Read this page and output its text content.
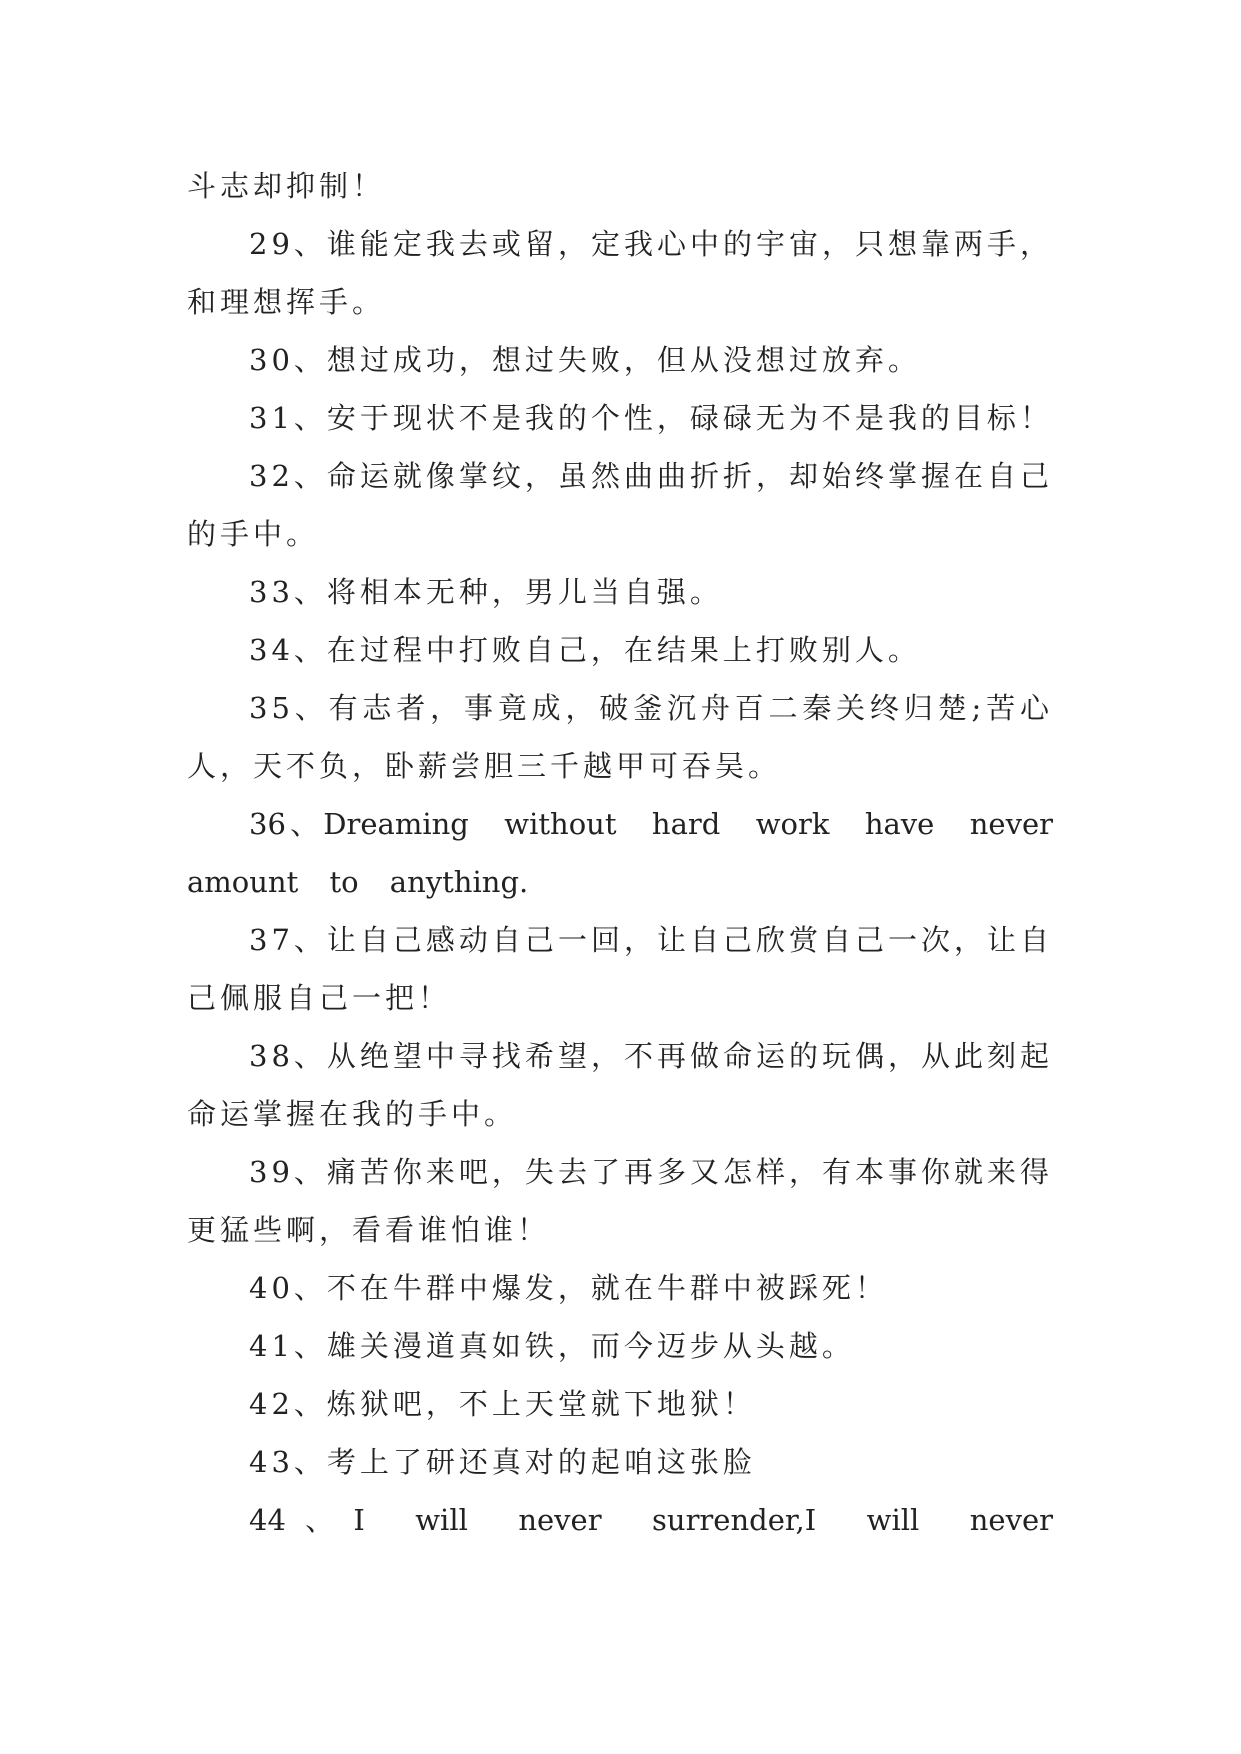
斗志却抑制！

29、谁能定我去或留，定我心中的宇宙，只想靠两手，和理想挥手。

30、想过成功，想过失败，但从没想过放弃。

31、安于现状不是我的个性，碌碌无为不是我的目标！

32、命运就像掌纹，虽然曲曲折折，却始终掌握在自己的手中。

33、将相本无种，男儿当自强。

34、在过程中打败自己，在结果上打败别人。

35、有志者，事竟成，破釜沉舟百二秦关终归楚;苦心人，天不负，卧薪尝胆三千越甲可吞吴。

36、Dreaming without hard work have never amount to anything.

37、让自己感动自己一回，让自己欣赏自己一次，让自己佩服自己一把！

38、从绝望中寻找希望，不再做命运的玩偶，从此刻起命运掌握在我的手中。

39、痛苦你来吧，失去了再多又怎样，有本事你就来得更猛些啊，看看谁怕谁！

40、不在牛群中爆发，就在牛群中被踩死！

41、雄关漫道真如铁，而今迈步从头越。

42、炼狱吧，不上天堂就下地狱！

43、考上了研还真对的起咱这张脸

44、I will never surrender,I will never
